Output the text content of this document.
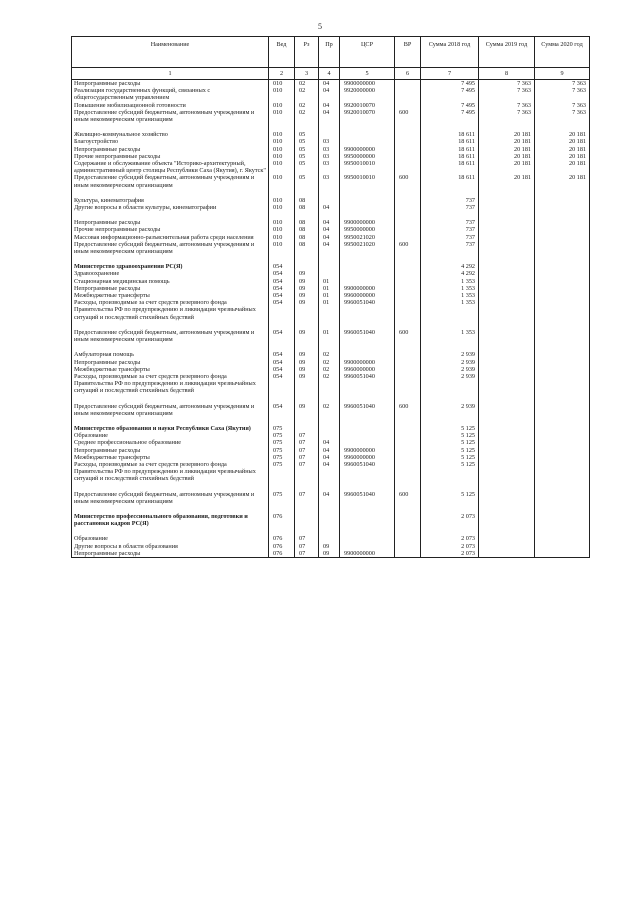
5
Наименование	Вед	Рз	Пр	ЦСР	ВР	Сумма 2018 год	Сумма 2019 год	Сумма 2020 год
1	2	3	4	5	6	7	8	9
Непрограммные расходы	010	02	04	9900000000		7 495	7 363	7 363
Реализация государственных функций, связанных с общегосударственным управлением	010	02	04	9920000000		7 495	7 363	7 363
Повышение мобилизационной готовности	010	02	04	9920010070		7 495	7 363	7 363
Предоставление субсидий бюджетным, автономным учреждениям и иным некоммерческим организациям	010	02	04	9920010070	600	7 495	7 363	7 363

Жилищно-коммунальное хозяйство	010	05				18 611	20 181	20 181
Благоустройство	010	05	03			18 611	20 181	20 181
Непрограммные расходы	010	05	03	9900000000		18 611	20 181	20 181
Прочие непрограммные расходы	010	05	03	9950000000		18 611	20 181	20 181
Содержание и обслуживание объекта "Историко-архитектурный, административный центр столицы Республики Саха (Якутия), г. Якутск"	010	05	03	9950010010		18 611	20 181	20 181
Предоставление субсидий бюджетным, автономным учреждениям и иным некоммерческим организациям	010	05	03	9950010010	600	18 611	20 181	20 181

Культура, кинематография	010	08				737		
Другие вопросы в области культуры, кинематографии	010	08	04			737		

Непрограммные расходы	010	08	04	9900000000		737		
Прочие непрограммные расходы	010	08	04	9950000000		737		
Массовая информационно-разъяснительная работа среди населения	010	08	04	9950021020		737		
Предоставление субсидий бюджетным, автономным учреждениям и иным некоммерческим организациям	010	08	04	9950021020	600	737		

Министерство здравоохранения РС(Я)	054					4 292		
Здравоохранение	054	09				4 292		
Стационарная медицинская помощь	054	09	01			1 353		
Непрограммные расходы	054	09	01	9900000000		1 353		
Межбюджетные трансферты	054	09	01	9960000000		1 353		
Расходы, производимые за счет средств резервного фонда Правительства РФ по предупреждению и ликвидации чрезвычайных ситуаций и последствий стихийных бедствий	054	09	01	9960051040		1 353		

Предоставление субсидий бюджетным, автономным учреждениям и иным некоммерческим организациям	054	09	01	9960051040	600	1 353		

Амбулаторная помощь	054	09	02			2 939		
Непрограммные расходы	054	09	02	9900000000		2 939		
Межбюджетные трансферты	054	09	02	9960000000		2 939		
Расходы, производимые за счет средств резервного фонда Правительства РФ по предупреждению и ликвидации чрезвычайных ситуаций и последствий стихийных бедствий	054	09	02	9960051040		2 939		

Предоставление субсидий бюджетным, автономным учреждениям и иным некоммерческим организациям	054	09	02	9960051040	600	2 939		

Министерство образования и науки Республики Саха (Якутия)	075					5 125		
Образование	075	07				5 125		
Среднее профессиональное образование	075	07	04			5 125		
Непрограммные расходы	075	07	04	9900000000		5 125		
Межбюджетные трансферты	075	07	04	9960000000		5 125		
Расходы, производимые за счет средств резервного фонда Правительства РФ по предупреждению и ликвидации чрезвычайных ситуаций и последствий стихийных бедствий	075	07	04	9960051040		5 125		

Предоставление субсидий бюджетным, автономным учреждениям и иным некоммерческим организациям	075	07	04	9960051040	600	5 125		

Министерство профессионального образования, подготовки и расстановки кадров РС(Я)	076					2 073		

Образование	076	07				2 073		
Другие вопросы в области образования	076	07	09			2 073		
Непрограммные расходы	076	07	09	9900000000		2 073		
